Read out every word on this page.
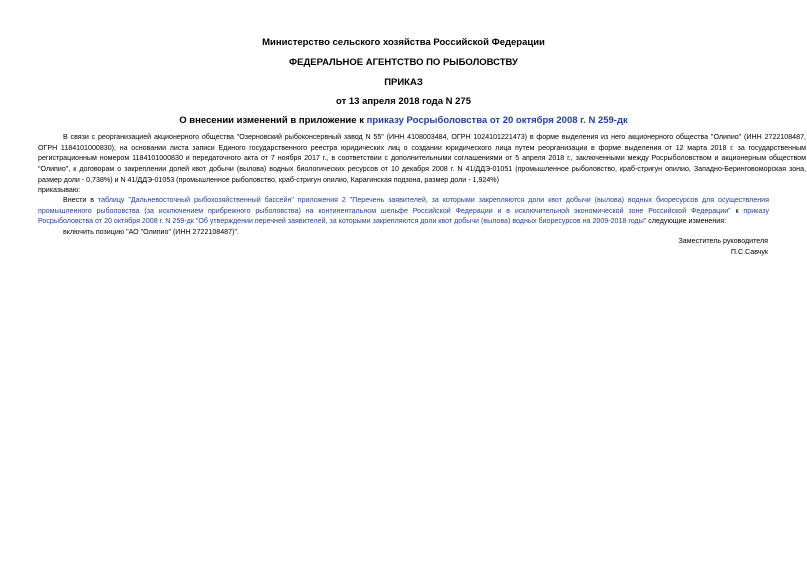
Министерство сельского хозяйства Российской Федерации
ФЕДЕРАЛЬНОЕ АГЕНТСТВО ПО РЫБОЛОВСТВУ
ПРИКАЗ
от 13 апреля 2018 года N 275
О внесении изменений в приложение к приказу Росрыболовства от 20 октября 2008 г. N 259-дк
В связи с реорганизацией акционерного общества "Озерновский рыбоконсервный завод N 55" (ИНН 4108003484, ОГРН 1024101221473) в форме выделения из него акционерного общества "Олипио" (ИНН 2722108487, ОГРН 1184101000830), на основании листа записи Единого государственного реестра юридических лиц о создании юридического лица путем реорганизации в форме выделения от 12 марта 2018 г. за государственным регистрационным номером 1184101000830 и передаточного акта от 7 ноября 2017 г., в соответствии с дополнительными соглашениями от 5 апреля 2018 г., заключенными между Росрыболовством и акционерным обществом "Олипио", к договорам о закреплении долей квот добычи (вылова) водных биологических ресурсов от 10 декабря 2008 г. N 41/ДДЭ-01051 (промышленное рыболовство, краб-стригун опилио, Западно-Беринговоморская зона, размер доли - 0,738%) и N 41/ДДЭ-01053 (промышленное рыболовство, краб-стригун опилио, Карагинская подзона, размер доли - 1,924%)
приказываю:
Внести в таблицу "Дальневосточный рыбохозяйственный бассейн" приложения 2 "Перечень заявителей, за которыми закрепляются доли квот добычи (вылова) водных биоресурсов для осуществления промышленного рыболовства (за исключением прибрежного рыболовства) на континентальном шельфе Российской Федерации и в исключительной экономической зоне Российской Федерации" к приказу Росрыболовства от 20 октября 2008 г. N 259-дк "Об утверждении перечней заявителей, за которыми закрепляются доли квот добычи (вылова) водных биоресурсов на 2009-2018 годы" следующие изменения:
включить позицию "АО "Олипио" (ИНН 2722108487)".
Заместитель руководителя
П.С.Савчук
